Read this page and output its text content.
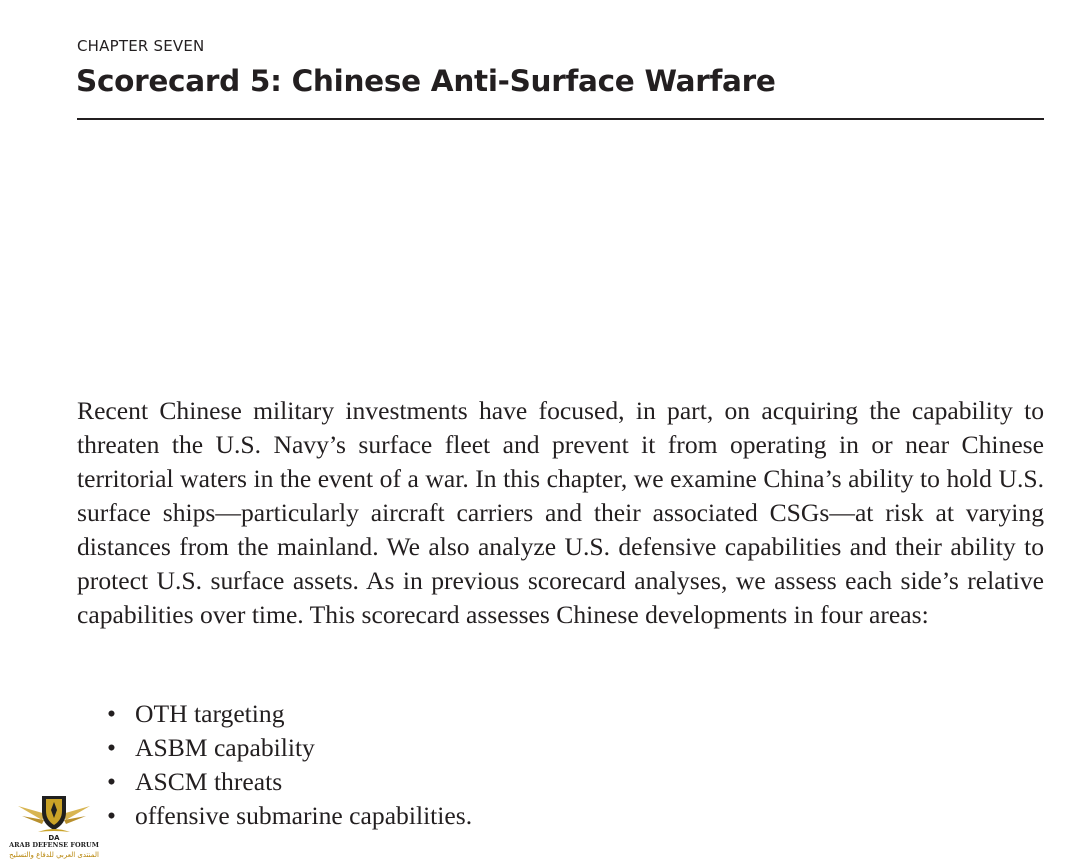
CHAPTER SEVEN
Scorecard 5: Chinese Anti-Surface Warfare

Recent Chinese military investments have focused, in part, on acquiring the capability to threaten the U.S. Navy’s surface fleet and prevent it from operating in or near Chinese territorial waters in the event of a war. In this chapter, we examine China’s ability to hold U.S. surface ships—particularly aircraft carriers and their associated CSGs—at risk at varying distances from the mainland. We also analyze U.S. defensive capabilities and their ability to protect U.S. surface assets. As in previous scorecard analyses, we assess each side’s relative capabilities over time. This scorecard assesses Chinese developments in four areas:

• OTH targeting
• ASBM capability
• ASCM threats
• offensive submarine capabilities.
DA
ARAB DEFENSE FORUM
المنتدى العربي للدفاع والتسليح
